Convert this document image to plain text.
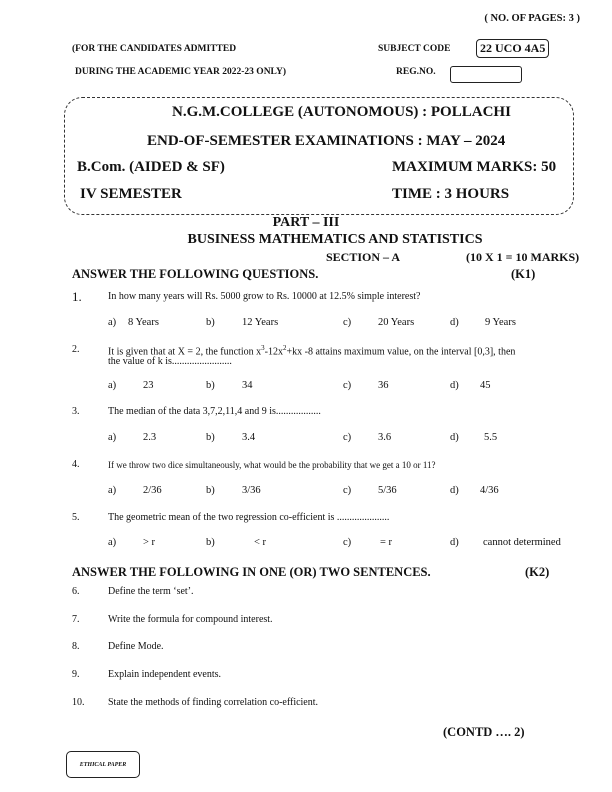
( NO. OF PAGES: 3 )
(FOR THE CANDIDATES ADMITTED
DURING THE ACADEMIC YEAR 2022-23 ONLY)
SUBJECT CODE	22 UCO 4A5
REG.NO.
N.G.M.COLLEGE (AUTONOMOUS) : POLLACHI
END-OF-SEMESTER EXAMINATIONS : MAY – 2024
B.Com. (AIDED & SF)	MAXIMUM MARKS: 50
IV SEMESTER	TIME : 3 HOURS
PART – III
BUSINESS MATHEMATICS AND STATISTICS
SECTION – A	(10 X 1 = 10 MARKS)
ANSWER THE FOLLOWING QUESTIONS.	(K1)
1.	In how many years will Rs. 5000 grow to Rs. 10000 at 12.5% simple interest?
a) 8 Years	b)	12 Years	c)	20 Years	d)	9 Years
2.	It is given that at X = 2, the function $x^3-12x^2+kx$ -8 attains maximum value, on the interval [0,3], then
the value of k is........................
a)	23	b)	34	c)	36	d) 45
3.	The median of the data 3,7,2,11,4 and 9 is..................
a)	2.3	b)	3.4	c)	3.6	d) 5.5
4.	If we throw two dice simultaneously, what would be the probability that we get a 10 or 11?
a)	2/36	b)	3/36	c)	5/36	d) 4/36
5.	The geometric mean of the two regression co-efficient is .....................
a)	> r	b)	< r	c)	= r	d) cannot determined
ANSWER THE FOLLOWING IN ONE (OR) TWO SENTENCES.	(K2)
6.	Define the term ‘set’.
7.	Write the formula for compound interest.
8.	Define Mode.
9.	Explain independent events.
10. State the methods of finding correlation co-efficient.
(CONTD …. 2)
ETHICAL PAPER
